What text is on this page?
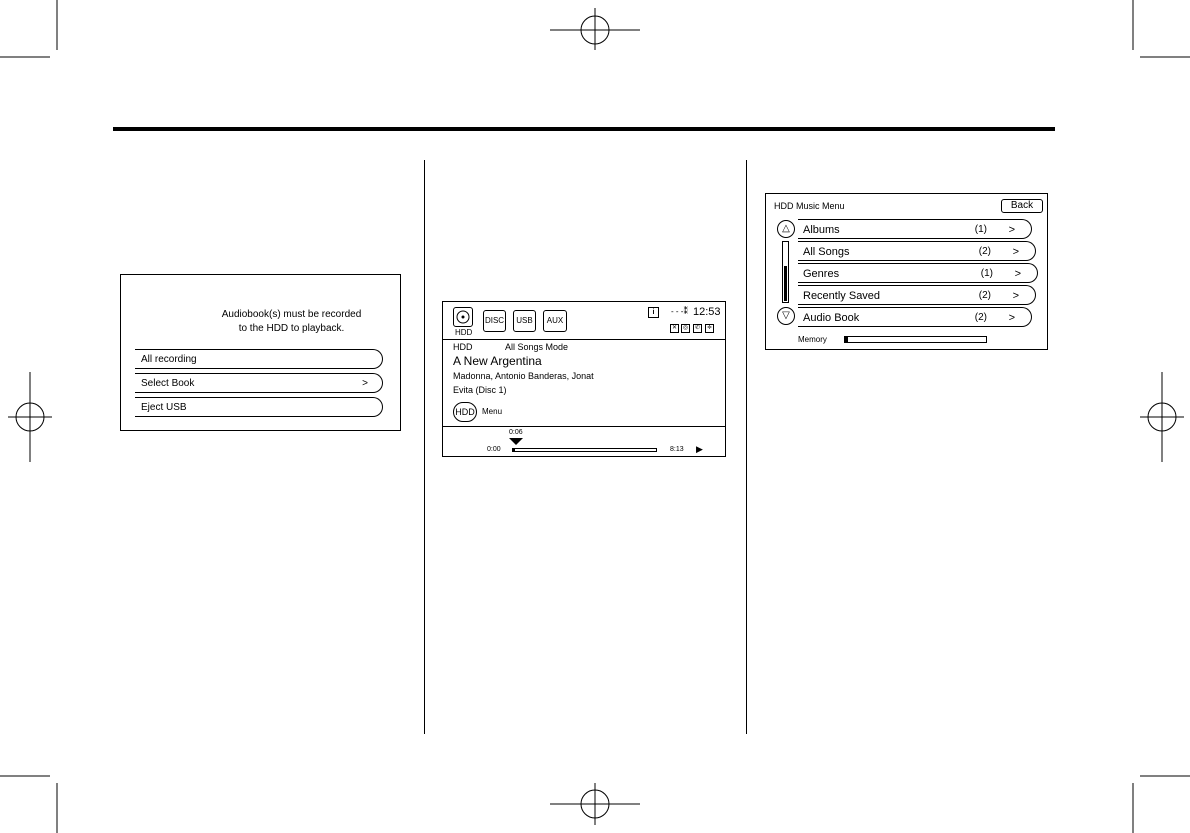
Audiobook(s) must be recorded
to the HDD to playback.
All recording
Select Book	>
Eject USB
HDD
DISC	USB	AUX
i	- - -⁑ 12:53
✕ ◎	✆	≑
HDD	All Songs Mode
A New Argentina
Madonna, Antonio Banderas, Jonat
Evita (Disc 1)
HDD Menu
0:06
0:00	8:13 ▶
HDD Music Menu	Back
△
▽
Albums	(1) >
All Songs	(2) >
Genres	(1) >
Recently Saved	(2) >
Audio Book	(2) >
Memory
